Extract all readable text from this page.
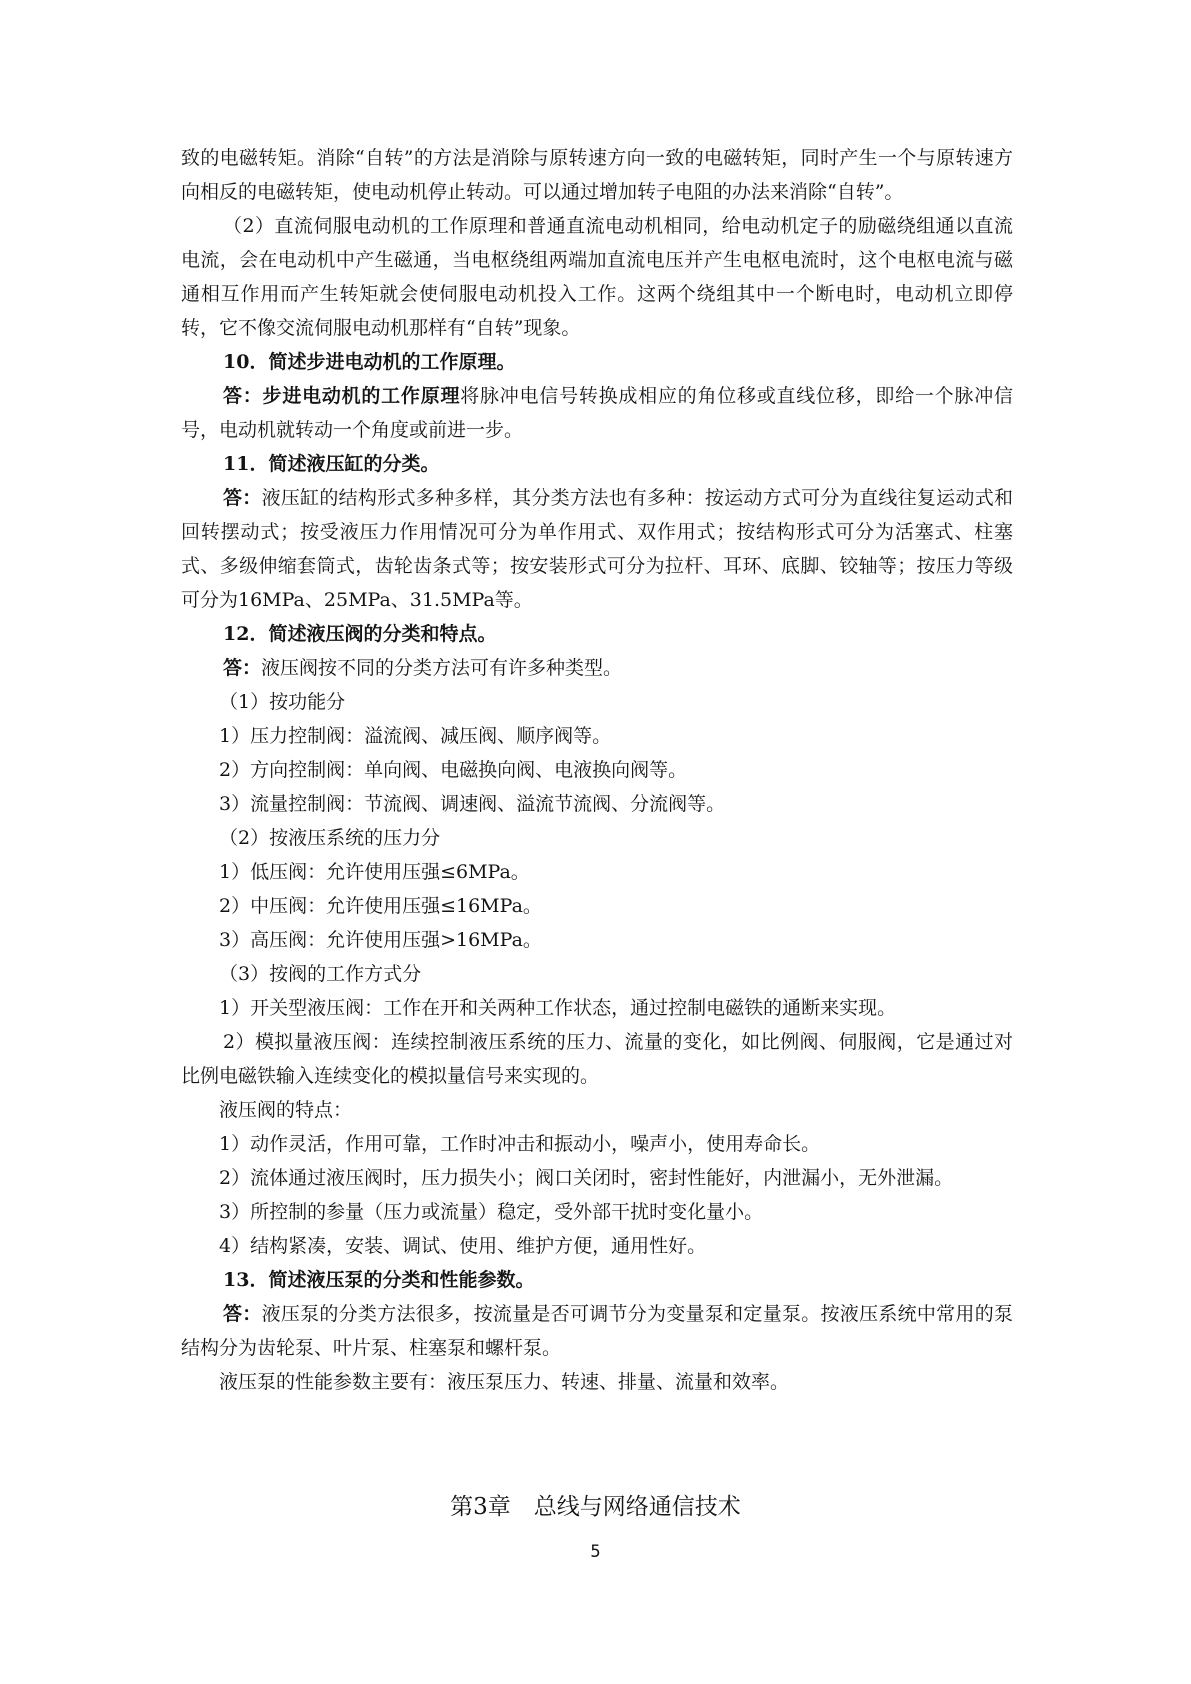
致的电磁转矩。消除“自转”的方法是消除与原转速方向一致的电磁转矩，同时产生一个与原转速方向相反的电磁转矩，使电动机停止转动。可以通过增加转子电阻的办法来消除“自转”。

（2）直流伺服电动机的工作原理和普通直流电动机相同，给电动机定子的励磁绕组通以直流电流，会在电动机中产生磁通，当电枢绕组两端加直流电压并产生电枢电流时，这个电枢电流与磁通相互作用而产生转矩就会使伺服电动机投入工作。这两个绕组其中一个断电时，电动机立即停转，它不像交流伺服电动机那样有“自转”现象。

10．简述步进电动机的工作原理。

答：步进电动机的工作原理将脉冲电信号转换成相应的角位移或直线位移，即给一个脉冲信号，电动机就转动一个角度或前进一步。

11．简述液压缸的分类。

答：液压缸的结构形式多种多样，其分类方法也有多种：按运动方式可分为直线往复运动式和回转摆动式；按受液压力作用情况可分为单作用式、双作用式；按结构形式可分为活塞式、柱塞式、多级伸缩套筒式，齿轮齿条式等；按安装形式可分为拉杆、耳环、底脚、铰轴等；按压力等级可分为16MPa、25MPa、31.5MPa等。

12．简述液压阀的分类和特点。

答：液压阀按不同的分类方法可有许多种类型。

（1）按功能分

1）压力控制阀：溢流阀、减压阀、顺序阀等。

2）方向控制阀：单向阀、电磁换向阀、电液换向阀等。

3）流量控制阀：节流阀、调速阀、溢流节流阀、分流阀等。

（2）按液压系统的压力分

1）低压阀：允许使用压强≤6MPa。

2）中压阀：允许使用压强≤16MPa。

3）高压阀：允许使用压强>16MPa。

（3）按阀的工作方式分

1）开关型液压阀：工作在开和关两种工作状态，通过控制电磁铁的通断来实现。

2）模拟量液压阀：连续控制液压系统的压力、流量的变化，如比例阀、伺服阀，它是通过对比例电磁铁输入连续变化的模拟量信号来实现的。

液压阀的特点：

1）动作灵活，作用可靠，工作时冲击和振动小，噪声小，使用寿命长。

2）流体通过液压阀时，压力损失小；阀口关闭时，密封性能好，内泄漏小，无外泄漏。

3）所控制的参量（压力或流量）稳定，受外部干扰时变化量小。

4）结构紧凑，安装、调试、使用、维护方便，通用性好。

13．简述液压泵的分类和性能参数。

答：液压泵的分类方法很多，按流量是否可调节分为变量泵和定量泵。按液压系统中常用的泵结构分为齿轮泵、叶片泵、柱塞泵和螺杆泵。

液压泵的性能参数主要有：液压泵压力、转速、排量、流量和效率。

第3章　总线与网络通信技术
5
